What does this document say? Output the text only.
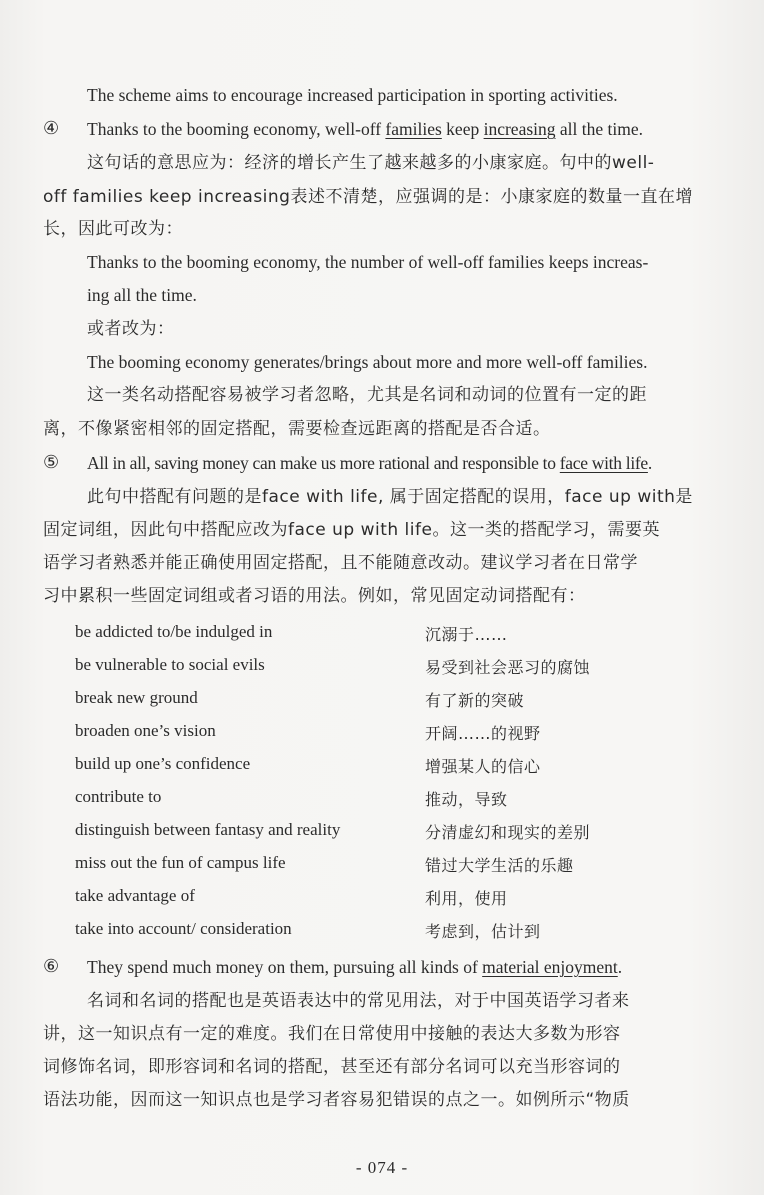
The scheme aims to encourage increased participation in sporting activities.
④ Thanks to the booming economy, well-off families keep increasing all the time.
这句话的意思应为：经济的增长产生了越来越多的小康家庭。句中的well-
off families keep increasing表述不清楚，应强调的是：小康家庭的数量一直在增
长，因此可改为：
Thanks to the booming economy, the number of well-off families keeps increas-
ing all the time.
或者改为：
The booming economy generates/brings about more and more well-off families.
这一类名动搭配容易被学习者忽略，尤其是名词和动词的位置有一定的距
离，不像紧密相邻的固定搭配，需要检查远距离的搭配是否合适。
⑤ All in all, saving money can make us more rational and responsible to face with life.
此句中搭配有问题的是face with life, 属于固定搭配的误用，face up with是
固定词组，因此句中搭配应改为face up with life。这一类的搭配学习，需要英
语学习者熟悉并能正确使用固定搭配，且不能随意改动。建议学习者在日常学
习中累积一些固定词组或者习语的用法。例如，常见固定动词搭配有：
be addicted to/be indulged in	沉溺于……
be vulnerable to social evils	易受到社会恶习的腐蚀
break new ground	有了新的突破
broaden one’s vision	开阔……的视野
build up one’s confidence	增强某人的信心
contribute to	推动，导致
distinguish between fantasy and reality	分清虚幻和现实的差别
miss out the fun of campus life	错过大学生活的乐趣
take advantage of	利用，使用
take into account/ consideration	考虑到，估计到
⑥ They spend much money on them, pursuing all kinds of material enjoyment.
名词和名词的搭配也是英语表达中的常见用法，对于中国英语学习者来
讲，这一知识点有一定的难度。我们在日常使用中接触的表达大多数为形容
词修饰名词，即形容词和名词的搭配，甚至还有部分名词可以充当形容词的
语法功能，因而这一知识点也是学习者容易犯错误的点之一。如例所示“物质
- 074 -
